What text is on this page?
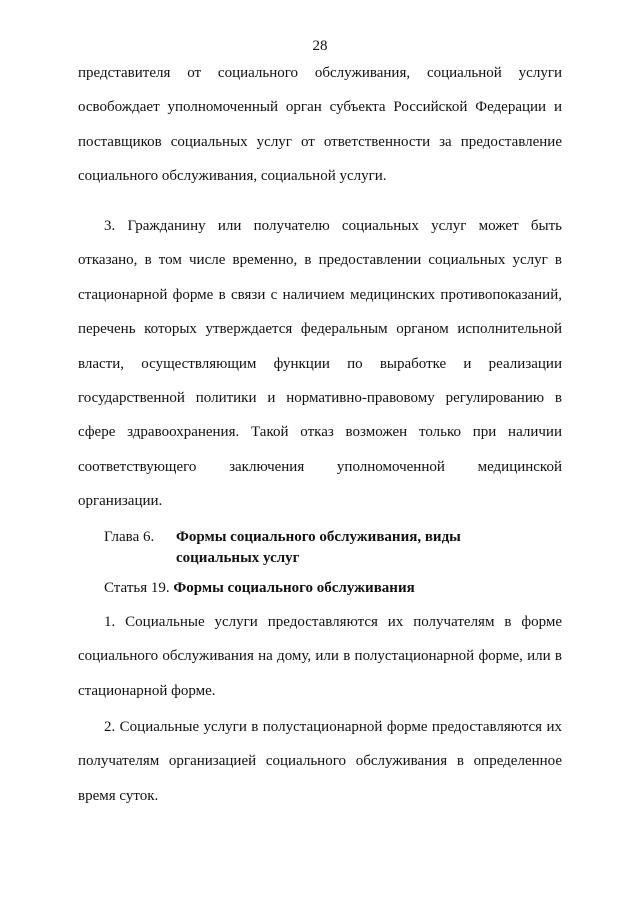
28

представителя от социального обслуживания, социальной услуги освобождает уполномоченный орган субъекта Российской Федерации и поставщиков социальных услуг от ответственности за предоставление социального обслуживания, социальной услуги.

3. Гражданину или получателю социальных услуг может быть отказано, в том числе временно, в предоставлении социальных услуг в стационарной форме в связи с наличием медицинских противопоказаний, перечень которых утверждается федеральным органом исполнительной власти, осуществляющим функции по выработке и реализации государственной политики и нормативно-правовому регулированию в сфере здравоохранения. Такой отказ возможен только при наличии соответствующего заключения уполномоченной медицинской организации.

Глава 6. Формы социального обслуживания, виды социальных услуг
Статья 19. Формы социального обслуживания

1. Социальные услуги предоставляются их получателям в форме социального обслуживания на дому, или в полустационарной форме, или в стационарной форме.

2. Социальные услуги в полустационарной форме предоставляются их получателям организацией социального обслуживания в определенное время суток.
